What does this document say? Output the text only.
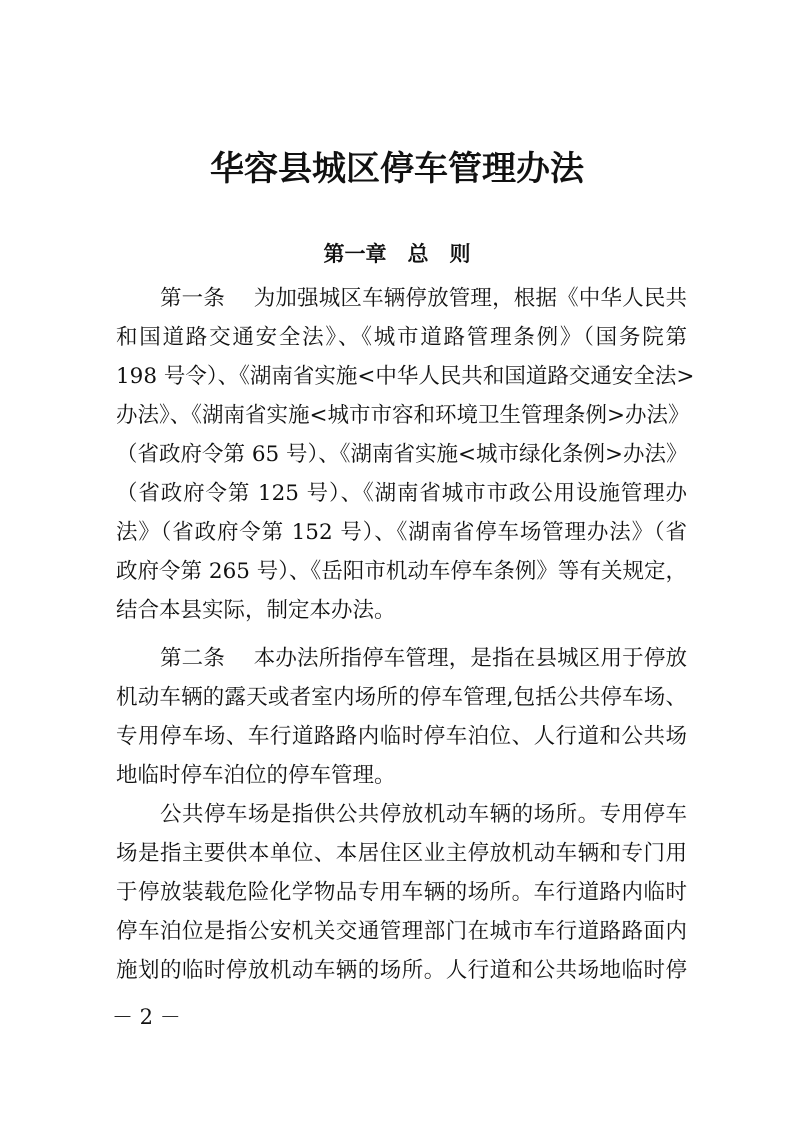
华容县城区停车管理办法
第一章　总　则
第一条　 为加强城区车辆停放管理，根据《中华人民共
和国道路交通安全法》、《城市道路管理条例》（国务院第
198 号令）、《湖南省实施<中华人民共和国道路交通安全法>
办法》、《湖南省实施<城市市容和环境卫生管理条例>办法》
（省政府令第 65 号）、《湖南省实施<城市绿化条例>办法》
（省政府令第 125 号）、《湖南省城市市政公用设施管理办
法》（省政府令第 152 号）、《湖南省停车场管理办法》（省
政府令第 265 号）、《岳阳市机动车停车条例》等有关规定，
结合本县实际，制定本办法。
第二条　 本办法所指停车管理，是指在县城区用于停放
机动车辆的露天或者室内场所的停车管理,包括公共停车场、
专用停车场、车行道路路内临时停车泊位、人行道和公共场
地临时停车泊位的停车管理。
公共停车场是指供公共停放机动车辆的场所。专用停车
场是指主要供本单位、本居住区业主停放机动车辆和专门用
于停放装载危险化学物品专用车辆的场所。车行道路内临时
停车泊位是指公安机关交通管理部门在城市车行道路路面内
施划的临时停放机动车辆的场所。人行道和公共场地临时停
－ 2 －
